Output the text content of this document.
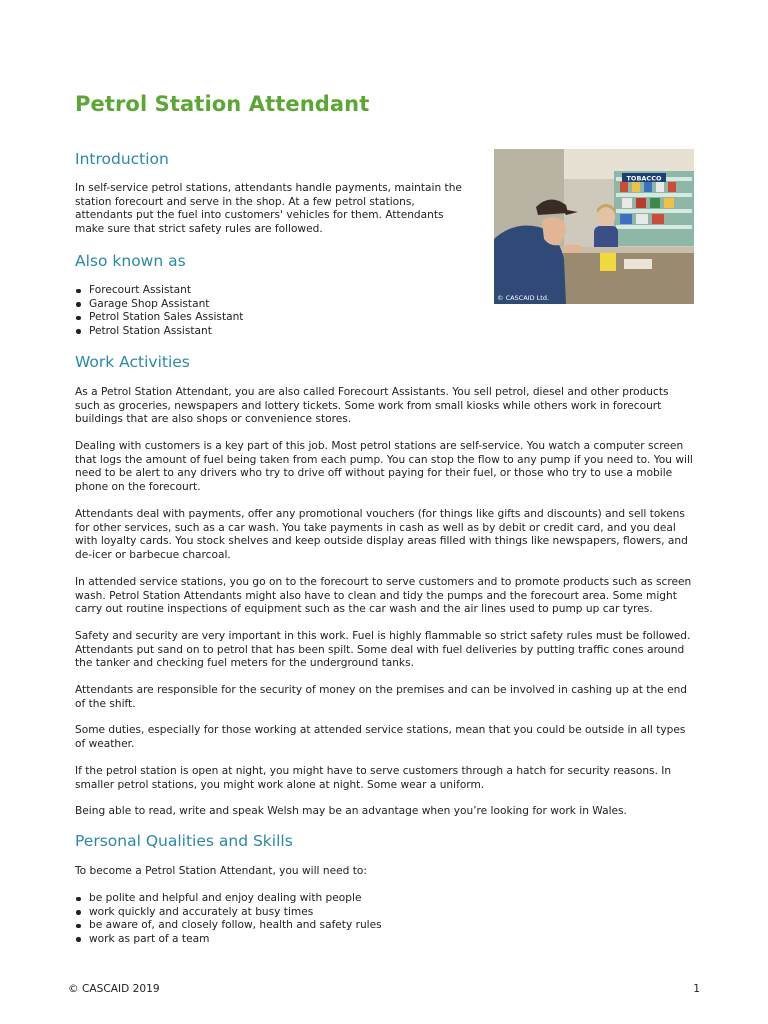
Petrol Station Attendant
Introduction

In self-service petrol stations, attendants handle payments, maintain the station forecourt and serve in the shop. At a few petrol stations, attendants put the fuel into customers' vehicles for them. Attendants make sure that strict safety rules are followed.

TOBACCO
© CASCAID Ltd.
Also known as
Forecourt Assistant
Garage Shop Assistant
Petrol Station Sales Assistant
Petrol Station Assistant
Work Activities

As a Petrol Station Attendant, you are also called Forecourt Assistants. You sell petrol, diesel and other products such as groceries, newspapers and lottery tickets. Some work from small kiosks while others work in forecourt buildings that are also shops or convenience stores.

Dealing with customers is a key part of this job. Most petrol stations are self-service. You watch a computer screen that logs the amount of fuel being taken from each pump. You can stop the flow to any pump if you need to. You will need to be alert to any drivers who try to drive off without paying for their fuel, or those who try to use a mobile phone on the forecourt.

Attendants deal with payments, offer any promotional vouchers (for things like gifts and discounts) and sell tokens for other services, such as a car wash. You take payments in cash as well as by debit or credit card, and you deal with loyalty cards. You stock shelves and keep outside display areas filled with things like newspapers, flowers, and de-icer or barbecue charcoal.

In attended service stations, you go on to the forecourt to serve customers and to promote products such as screen wash. Petrol Station Attendants might also have to clean and tidy the pumps and the forecourt area. Some might carry out routine inspections of equipment such as the car wash and the air lines used to pump up car tyres.

Safety and security are very important in this work. Fuel is highly flammable so strict safety rules must be followed. Attendants put sand on to petrol that has been spilt. Some deal with fuel deliveries by putting traffic cones around the tanker and checking fuel meters for the underground tanks.

Attendants are responsible for the security of money on the premises and can be involved in cashing up at the end of the shift.

Some duties, especially for those working at attended service stations, mean that you could be outside in all types of weather.

If the petrol station is open at night, you might have to serve customers through a hatch for security reasons. In smaller petrol stations, you might work alone at night. Some wear a uniform.

Being able to read, write and speak Welsh may be an advantage when you’re looking for work in Wales.

Personal Qualities and Skills

To become a Petrol Station Attendant, you will need to:

be polite and helpful and enjoy dealing with people
work quickly and accurately at busy times
be aware of, and closely follow, health and safety rules
work as part of a team
© CASCAID 2019	1
